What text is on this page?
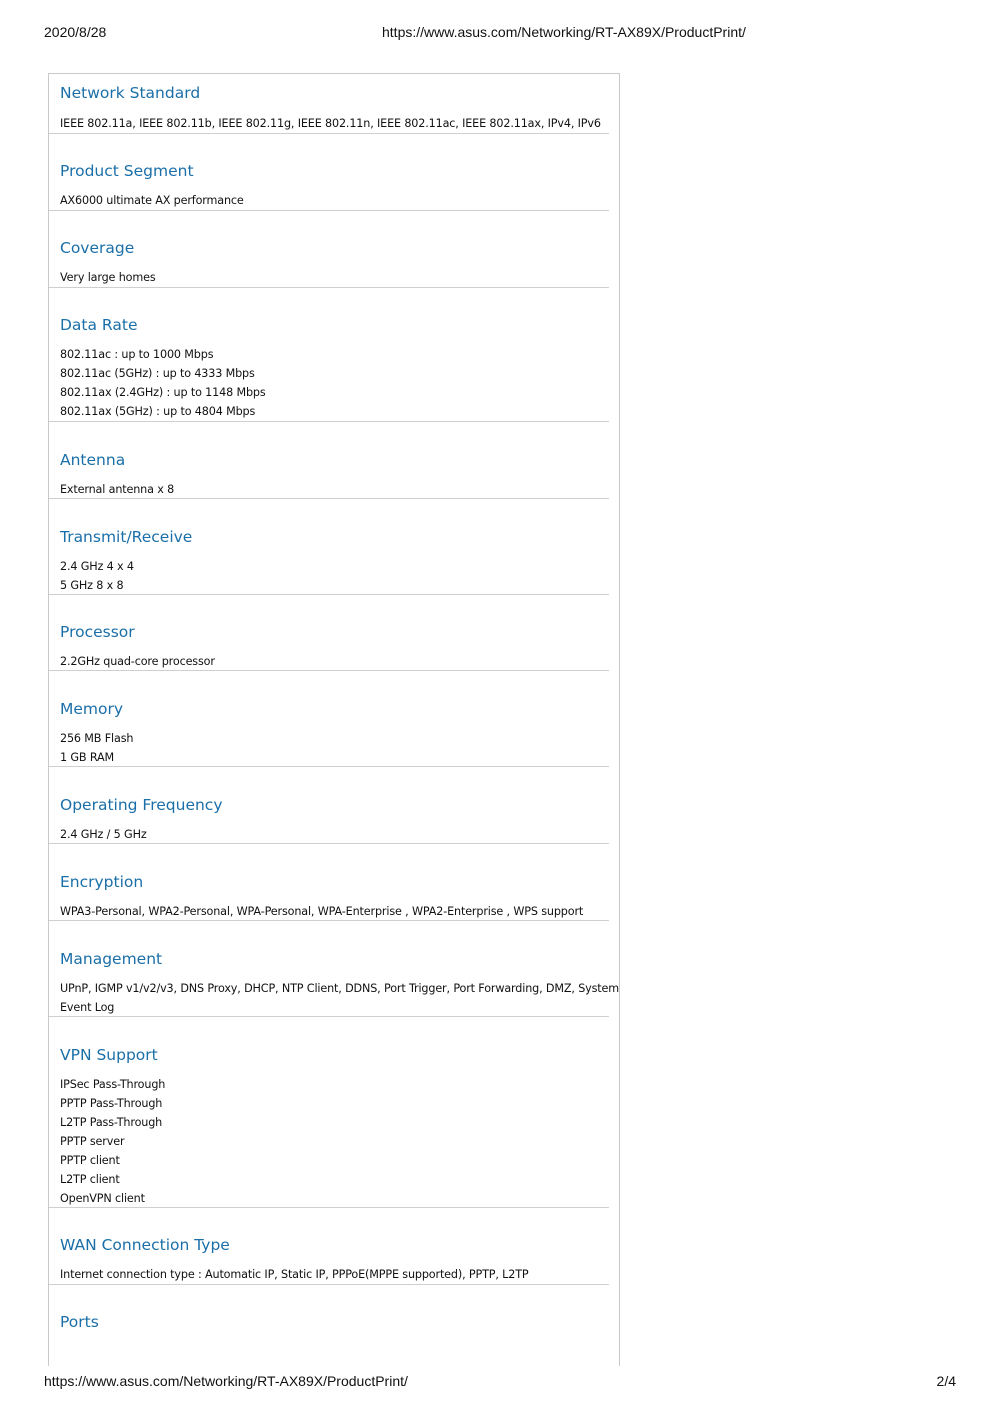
2020/8/28	https://www.asus.com/Networking/RT-AX89X/ProductPrint/
Network Standard
IEEE 802.11a, IEEE 802.11b, IEEE 802.11g, IEEE 802.11n, IEEE 802.11ac, IEEE 802.11ax, IPv4, IPv6
Product Segment
AX6000 ultimate AX performance
Coverage
Very large homes
Data Rate
802.11ac : up to 1000 Mbps
802.11ac (5GHz) : up to 4333 Mbps
802.11ax (2.4GHz) : up to 1148 Mbps
802.11ax (5GHz) : up to 4804 Mbps
Antenna
External antenna x 8
Transmit/Receive
2.4 GHz 4 x 4
5 GHz 8 x 8
Processor
2.2GHz quad-core processor
Memory
256 MB Flash
1 GB RAM
Operating Frequency
2.4 GHz / 5 GHz
Encryption
WPA3-Personal, WPA2-Personal, WPA-Personal, WPA-Enterprise , WPA2-Enterprise , WPS support
Management
UPnP, IGMP v1/v2/v3, DNS Proxy, DHCP, NTP Client, DDNS, Port Trigger, Port Forwarding, DMZ, System
Event Log
VPN Support
IPSec Pass-Through
PPTP Pass-Through
L2TP Pass-Through
PPTP server
PPTP client
L2TP client
OpenVPN client
WAN Connection Type
Internet connection type : Automatic IP, Static IP, PPPoE(MPPE supported), PPTP, L2TP
Ports
https://www.asus.com/Networking/RT-AX89X/ProductPrint/	2/4
